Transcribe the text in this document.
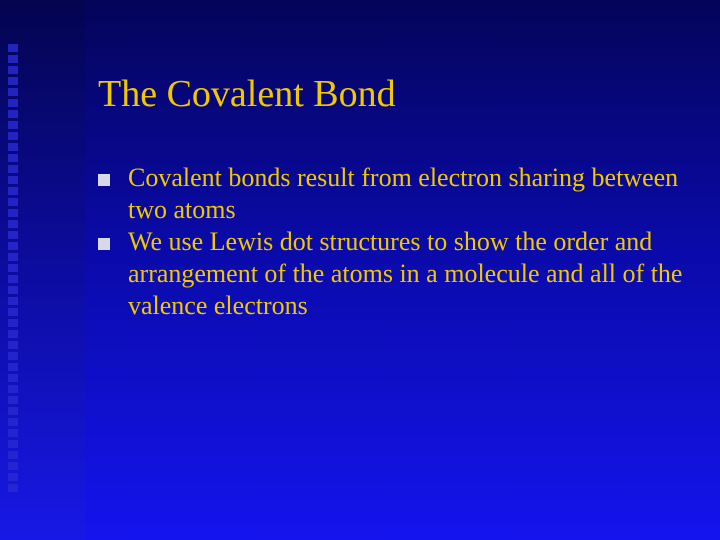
The Covalent Bond
Covalent bonds result from electron sharing between two atoms
We use Lewis dot structures to show the order and arrangement of the atoms in a molecule and all of the valence electrons
